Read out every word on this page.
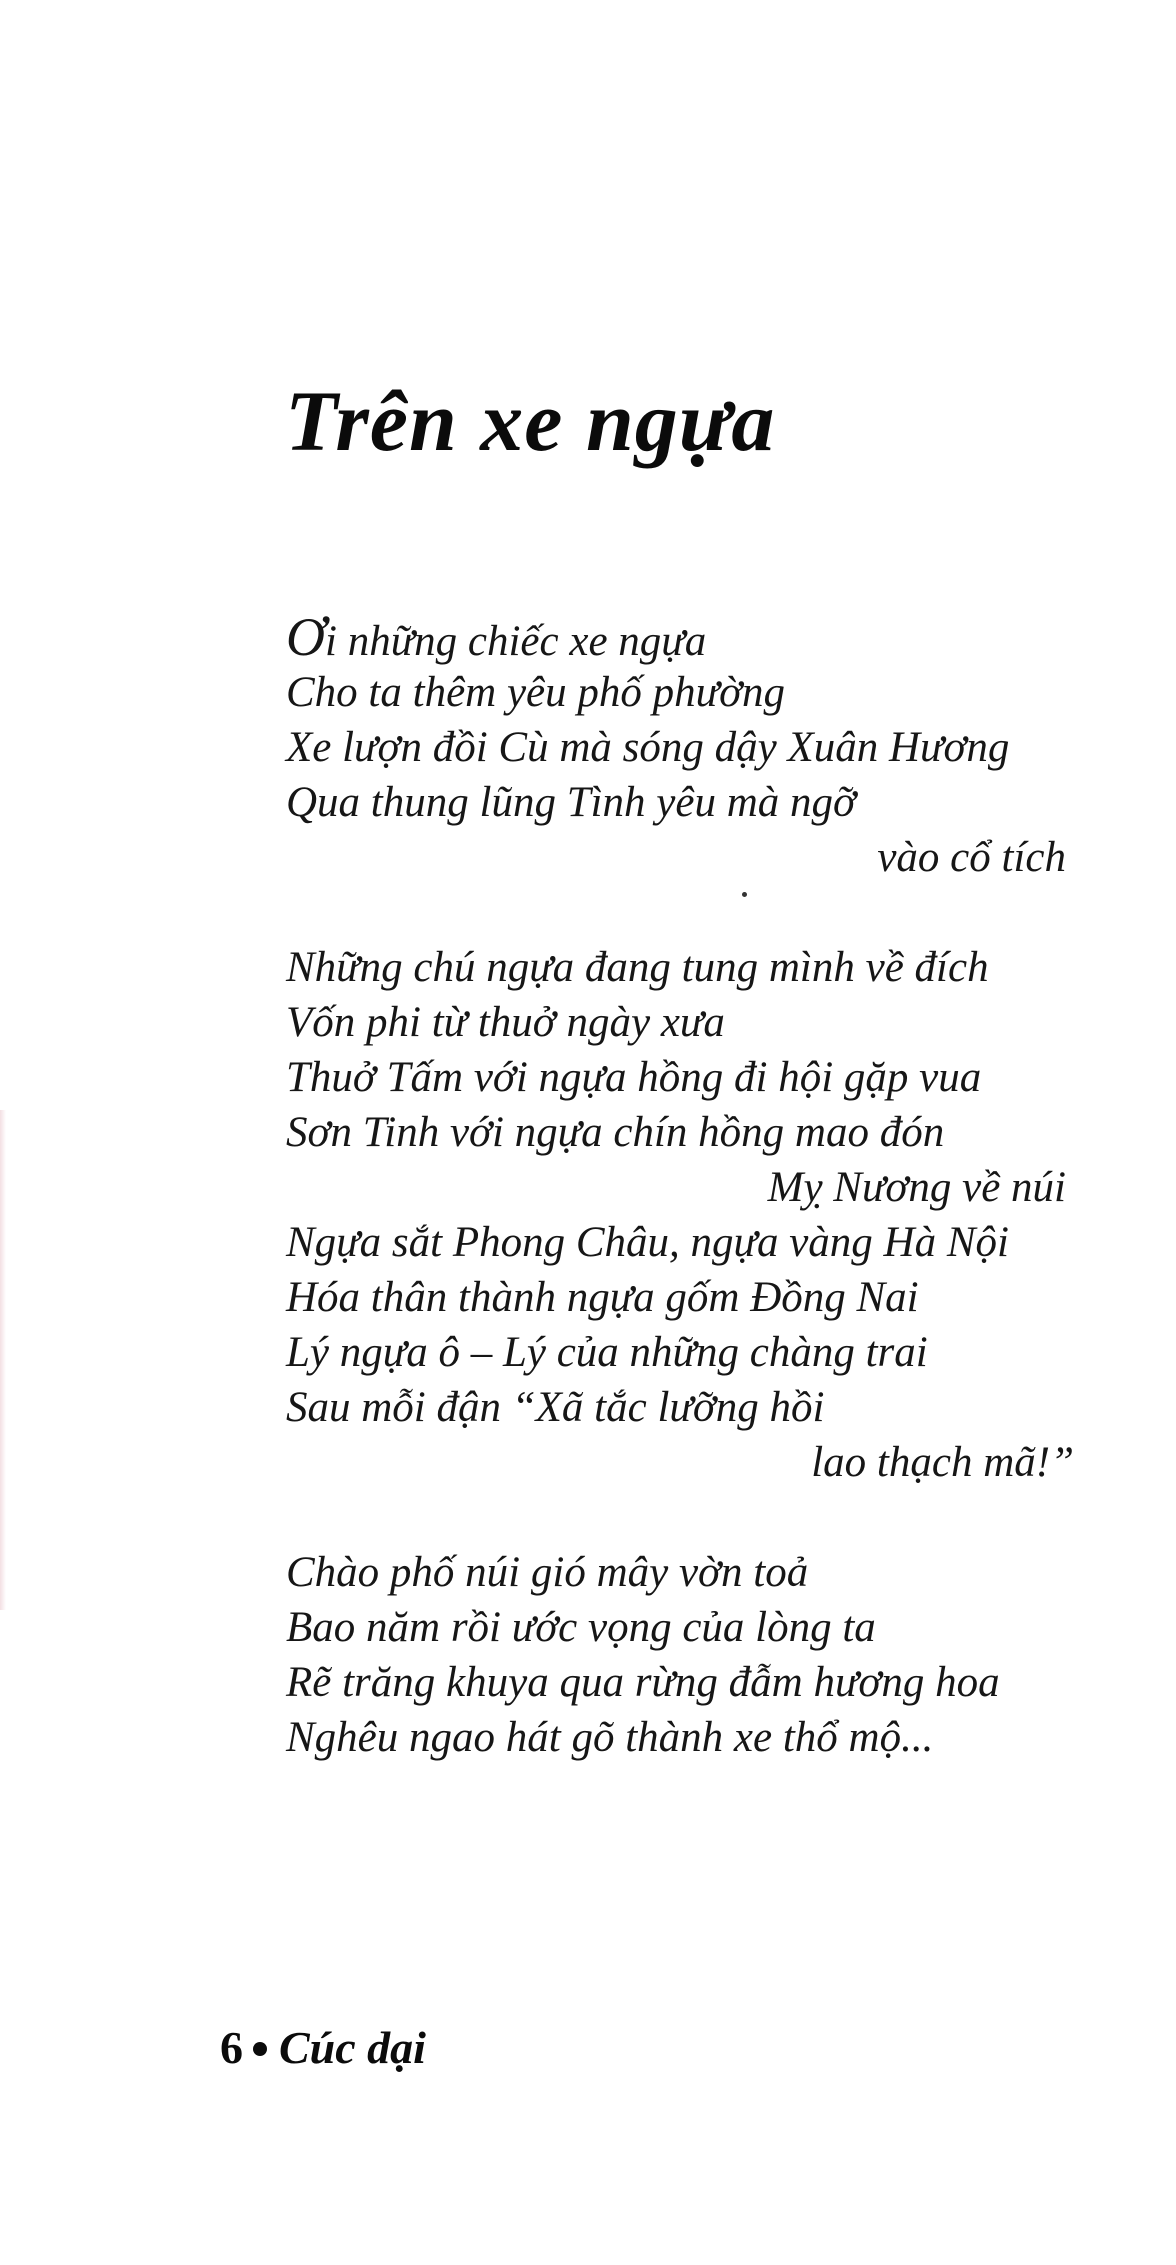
Trên xe ngựa
Ơi những chiếc xe ngựa
Cho ta thêm yêu phố phường
Xe lượn đồi Cù mà sóng dậy Xuân Hương
Qua thung lũng Tình yêu mà ngỡ
vào cổ tích
Những chú ngựa đang tung mình về đích
Vốn phi từ thuở ngày xưa
Thuở Tấm với ngựa hồng đi hội gặp vua
Sơn Tinh với ngựa chín hồng mao đón
Mỵ Nương về núi
Ngựa sắt Phong Châu, ngựa vàng Hà Nội
Hóa thân thành ngựa gốm Đồng Nai
Lý ngựa ô – Lý của những chàng trai
Sau mỗi đận “Xã tắc lưỡng hồi
lao thạch mã!”
Chào phố núi gió mây vờn toả
Bao năm rồi ước vọng của lòng ta
Rẽ trăng khuya qua rừng đẫm hương hoa
Nghêu ngao hát gõ thành xe thổ mộ...
6 Cúc dại
